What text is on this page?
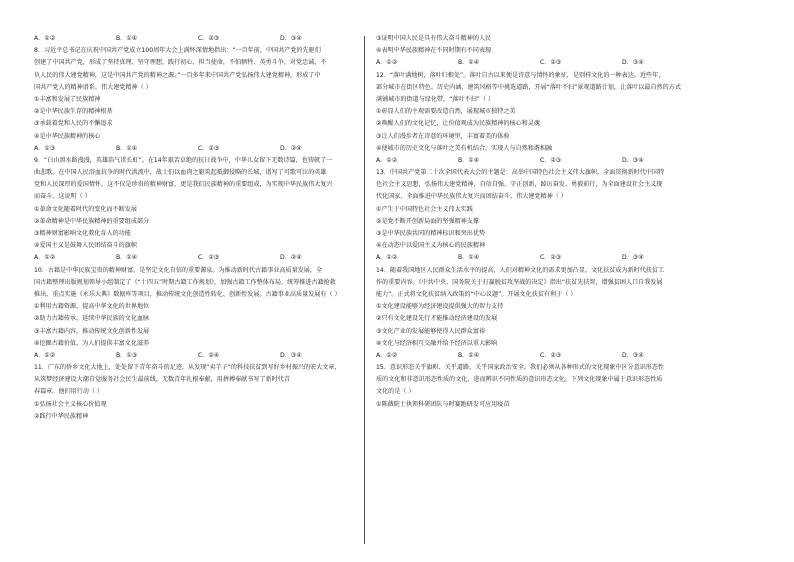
A．①②	B．①④	C．②③	D．③④
8．习近平总书记在庆祝中国共产党成立100周年大会上满怀深情地指出：“一百年前，中国共产党的先驱们
创建了中国共产党，形成了坚持真理、坚守理想，践行初心、担当使命，不怕牺牲、英勇斗争，对党忠诚、不
负人民的伟大建党精神，这是中国共产党的精神之源。”一百多年来中国共产党弘扬伟大建党精神，形成了中
国共产党人的精神谱系。伟大建党精神（ ）
①丰富和发展了民族精神
②是中华民族生存的精神根基
③承载着党和人民的不懈追求
④是中华民族精神的核心
A．①③	B．①④	C．②③	D．②④
9．“白山黑水路漫漫，英雄浩气贯长虹”。在14年艰苦卓绝的抗日战争中，中华儿女留下无数诗篇，也铸就了一
曲悲歌。在中国人民浴血抗争的时代洪流中，战士们以血肉之躯筑起抵御侵略的长城，谱写了可歌可泣的英雄
党和人民深厚的爱国情怀，这不仅是珍贵的精神财富，更是我们民族精神的重要组成，为实现中华民族伟大复兴
而奋斗。这说明（ ）
①革命文化随着时代的变化而不断发展
②革命精神是中华民族精神的重要组成部分
③精神财富影响文化教化育人的功能
④爱国主义是鼓舞人民团结奋斗的旗帜
A．①②	B．①④	C．②③	D．②④
10．古籍是中华民族宝贵的精神财富，是坚定文化自信的重要源泉。为推动新时代古籍事业高质量发展，全
国古籍整理出版规划领导小组制定了《“十四五”时期古籍工作规划》，加强古籍工作整体布局，统筹推进古籍抢救
推出，重点实施《永乐大典》数据库等项目，推动传统文化创造性转化、创新性发展。古籍事业高质量发展有（ ）
①利用古籍资源，提高中华文化的世界地位
②助力古籍传承，延续中华民族的文化血脉
③丰富古籍内容，推动传统文化创新性发展
④挖掘古籍价值，为人们提供丰富文化滋养
A．①②	B．①③	C．②④	D．③④
11．广东的侨乡文化大地上，处处留下青年奋斗的足迹。从发现“卖芋子”的科技扶贫到写好乡村振兴的宏大文章，
从筑梦经济建设大潮自觉服务社会民生最前线，无数青年扎根奉献，用拼搏奉献书写了新时代青
春篇章。他们用行动（ ）
①弘扬社会主义核心价值观
②践行中华民族精神
③证明中国人民是具有伟大奋斗精神的人民
④表明中华民族精神在不同时期有不同表现
A．①②	B．①④	C．②③	D．③④
12．“落叶满地树，落叶归根处”。落叶自古以来便是诗意与情怀的象征，是别样文化的一种表达。近些年，
部分城市在街区特色、历史内涵、建筑风格等中挑选道路，开展“落叶不扫”景观道路计划，让落叶以最自然的方式
满铺城市的街道与绿化带，“落叶不扫”（ ）
①彰显人们的主观需要改造自然，展现城市独特之美
②唤醒人们的文化记忆，让价值观成为民族精神的核心和灵魂
③让人们漫步者在诗意的环境里，丰富着美的体验
④使城市的历史文化与落叶之美有机结合，实现人与自然和谐相融
A．①②	B．①④	C．②③	D．③④
13．中国共产党第二十次全国代表大会的主题是：高举中国特色社会主义伟大旗帜，全面贯彻新时代中国特
色社会主义思想，弘扬伟大建党精神，自信自强、守正创新，踔厉奋发、勇毅前行，为全面建设社会主义现
代化国家、全面推进中华民族伟大复兴而团结奋斗。伟大建党精神（ ）
①产生于中国特色社会主义伟大实践
②是党不断开创新局面的坚强精神支撑
③是中华民族共同的精神标识和突出优势
④在动态中以爱国主义为核心的民族精神
A．①②	B．①④	C．②③	D．③④
14．随着我国地区人民群众生活水平的提高，人们对精神文化的需求更加凸显，文化扶贫成为新时代扶贫工
作的重要内容。《中共中央、国务院关于打赢脱贫攻坚战的决定》指出“扶贫先扶智，增强贫困人口自我发展
能力”。正式将文化扶贫纳入政策的“中心议题”。开展文化扶贫有利于（ ）
①文化建设能够为经济建设提供强大的智力支持
②只有文化建设先行才能推动经济建设的发展
③文化产业的发展能够使得人民群众富裕
④文化与经济相互交融并给予经济以重大影响
A．①②	B．①④	C．②③	D．③④
15．意识形态关乎旗帜、关乎道路、关乎国家政治安全。我们必须从各种形式的文化现象中区分意识形态性
质的文化和非意识形态性质的文化，进而辨识不同性质的意识形态文化。下列文化现象中属于意识形态性质
文化的是（ ）
①陈薇院士执领科研团队与时赛跑研发可应用疫苗
